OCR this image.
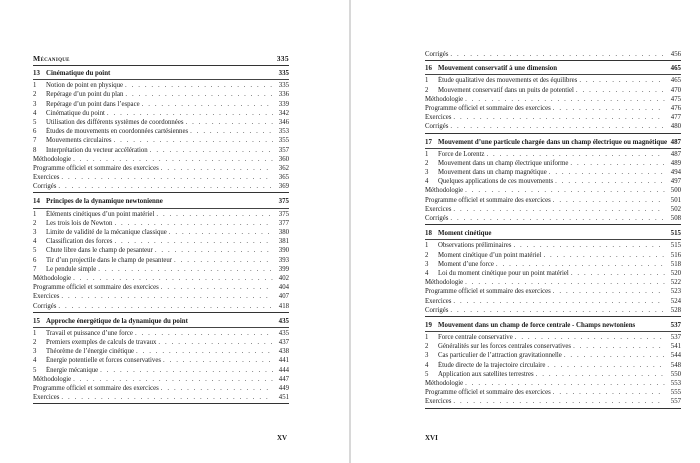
Mécanique	335
13 Cinématique du point	335
1	Notion de point en physique . . .	335
2	Repérage d’un point du plan . . .	336
3	Repérage d’un point dans l’espace . . .	339
4	Cinématique du point . . .	342
5	Utilisation des différents systèmes de coordonnées . . .	346
6	Études de mouvements en coordonnées cartésiennes . . .	353
7	Mouvements circulaires . . .	355
8	Interprétation du vecteur accélération . . .	357
Méthodologie . . .	360
Programme officiel et sommaire des exercices . . .	362
Exercices . . .	365
Corrigés . . .	369
14 Principes de la dynamique newtonienne	375
1	Éléments cinétiques d’un point matériel . . .	375
2	Les trois lois de Newton . . .	377
3	Limite de validité de la mécanique classique . . .	380
4	Classification des forces . . .	381
5	Chute libre dans le champ de pesanteur . . .	390
6	Tir d’un projectile dans le champ de pesanteur . . .	393
7	Le pendule simple . . .	399
Méthodologie . . .	402
Programme officiel et sommaire des exercices . . .	404
Exercices . . .	407
Corrigés . . .	418
15 Approche énergétique de la dynamique du point	435
1	Travail et puissance d’une force . . .	435
2	Premiers exemples de calculs de travaux . . .	437
3	Théorème de l’énergie cinétique . . .	438
4	Énergie potentielle et forces conservatives . . .	441
5	Énergie mécanique . . .	444
Méthodologie . . .	447
Programme officiel et sommaire des exercices . . .	449
Exercices . . .	451
XV
Corrigés . . .	456
16 Mouvement conservatif à une dimension	465
1	Étude qualitative des mouvements et des équilibres . . .	465
2	Mouvement conservatif dans un puits de potentiel . . .	470
Méthodologie . . .	475
Programme officiel et sommaire des exercices . . .	476
Exercices . . .	477
Corrigés . . .	480
17 Mouvement d’une particule chargée dans un champ électrique ou magnétique 487
1	Force de Lorentz . . .	487
2	Mouvement dans un champ électrique uniforme . . .	489
3	Mouvement dans un champ magnétique . . .	494
4	Quelques applications de ces mouvements . . .	497
Méthodologie . . .	500
Programme officiel et sommaire des exercices . . .	501
Exercices . . .	502
Corrigés . . .	508
18 Moment cinétique	515
1	Observations préliminaires . . .	515
2	Moment cinétique d’un point matériel . . .	516
3	Moment d’une force . . .	518
4	Loi du moment cinétique pour un point matériel . . .	520
Méthodologie . . .	522
Programme officiel et sommaire des exercices . . .	523
Exercices . . .	524
Corrigés . . .	528
19 Mouvement dans un champ de force centrale - Champs newtoniens	537
1	Force centrale conservative . . .	537
2	Généralités sur les forces centrales conservatives . . .	541
3	Cas particulier de l’attraction gravitationnelle . . .	544
4	Étude directe de la trajectoire circulaire . . .	548
5	Application aux satellites terrestres . . .	550
Méthodologie . . .	553
Programme officiel et sommaire des exercices . . .	555
Exercices . . .	557
XVI
